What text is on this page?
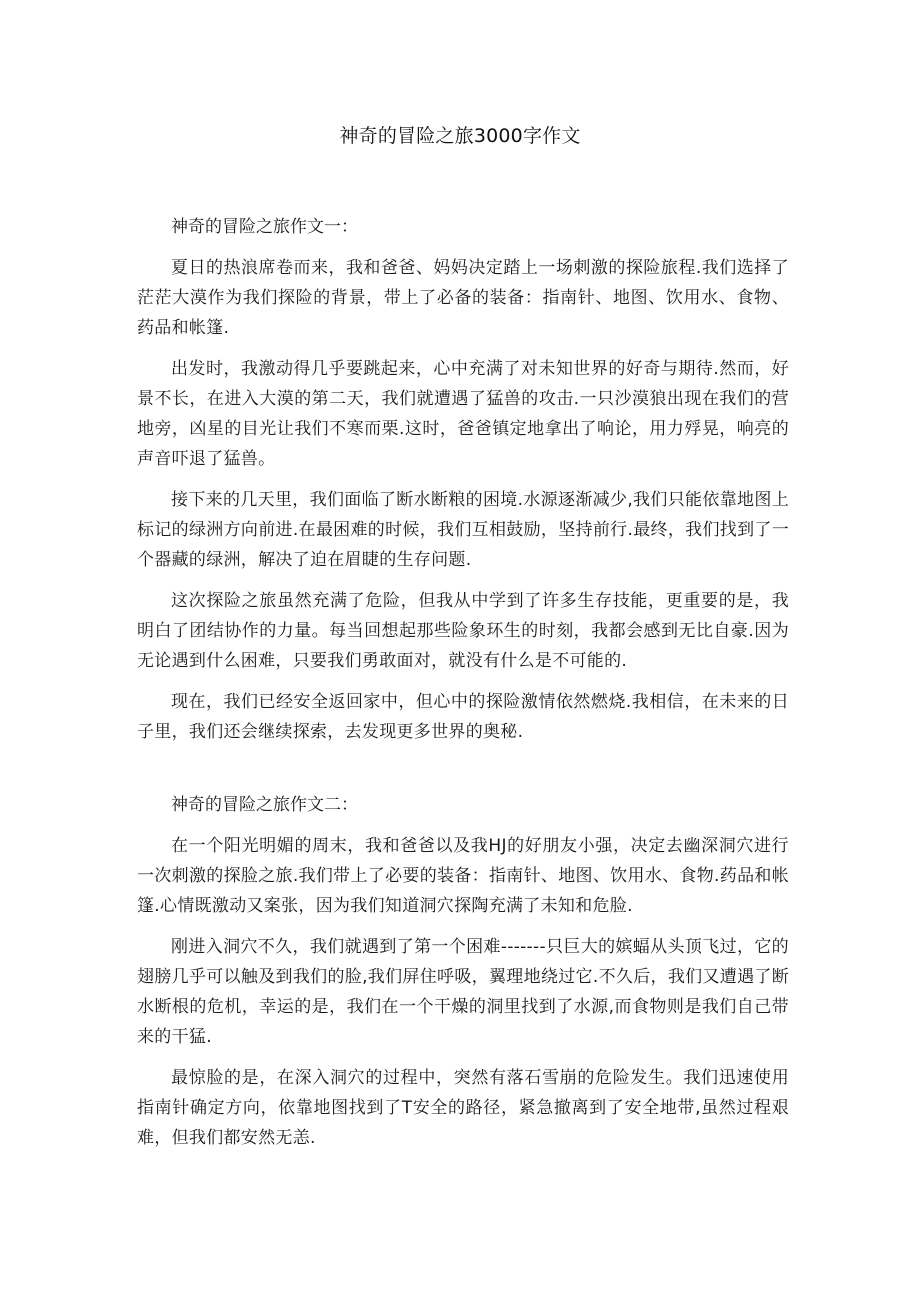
神奇的冒险之旅3000字作文

神奇的冒险之旅作文一：

夏日的热浪席卷而来，我和爸爸、妈妈决定踏上一场刺激的探险旅程.我们选择了茫茫大漠作为我们探险的背景，带上了必备的装备：指南针、地图、饮用水、食物、药品和帐篷.

出发时，我激动得几乎要跳起来，心中充满了对未知世界的好奇与期待.然而，好景不长，在进入大漠的第二天，我们就遭遇了猛兽的攻击.一只沙漠狼出现在我们的营地旁，凶星的目光让我们不寒而栗.这时，爸爸镇定地拿出了响论，用力殍晃，响亮的声音吓退了猛兽。

接下来的几天里，我们面临了断水断粮的困境.水源逐渐减少,我们只能依靠地图上标记的绿洲方向前进.在最困难的时候，我们互相鼓励，坚持前行.最终，我们找到了一个器藏的绿洲，解决了迫在眉睫的生存问题.

这次探险之旅虽然充满了危险，但我从中学到了许多生存技能，更重要的是，我明白了团结协作的力量。每当回想起那些险象环生的时刻，我都会感到无比自豪.因为无论遇到什么困难，只要我们勇敢面对，就没有什么是不可能的.

现在，我们已经安全返回家中，但心中的探险激情依然燃烧.我相信，在未来的日子里，我们还会继续探索，去发现更多世界的奥秘.

神奇的冒险之旅作文二：

在一个阳光明媚的周末，我和爸爸以及我HJ的好朋友小强，决定去幽深洞穴进行一次刺激的探脸之旅.我们带上了必要的装备：指南针、地图、饮用水、食物.药品和帐篷.心情既激动又案张，因为我们知道洞穴探陶充满了未知和危脸.

刚进入洞穴不久，我们就遇到了第一个困难-------只巨大的嫔蝠从头顶飞过，它的翅膀几乎可以触及到我们的脸,我们屏住呼吸，翼理地绕过它.不久后，我们又遭遇了断水断根的危机，幸运的是，我们在一个干燥的洞里找到了水源,而食物则是我们自己带来的干猛.

最惊脸的是，在深入洞穴的过程中，突然有落石雪崩的危险发生。我们迅速使用指南针确定方向，依靠地图找到了T安全的路径，紧急撤离到了安全地带,虽然过程艰难，但我们都安然无恙.
